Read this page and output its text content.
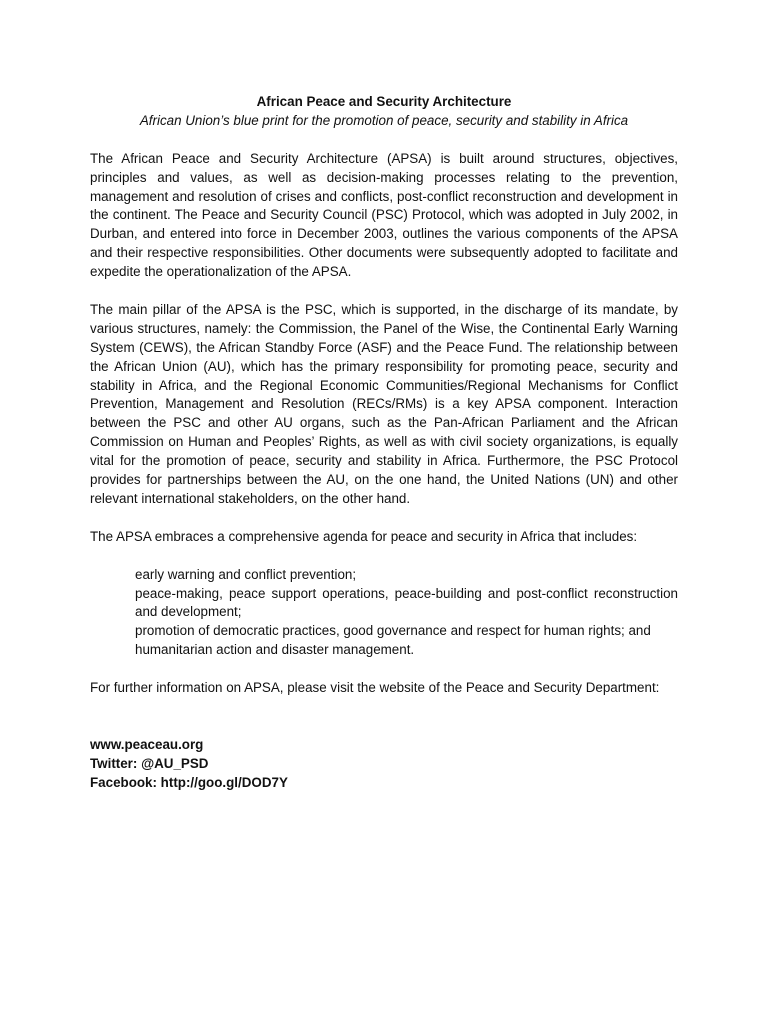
African Peace and Security Architecture

African Union’s blue print for the promotion of peace, security and stability in Africa

The African Peace and Security Architecture (APSA) is built around structures, objectives, principles and values, as well as decision-making processes relating to the prevention, management and resolution of crises and conflicts, post-conflict reconstruction and development in the continent. The Peace and Security Council (PSC) Protocol, which was adopted in July 2002, in Durban, and entered into force in December 2003, outlines the various components of the APSA and their respective responsibilities. Other documents were subsequently adopted to facilitate and expedite the operationalization of the APSA.

The main pillar of the APSA is the PSC, which is supported, in the discharge of its mandate, by various structures, namely: the Commission, the Panel of the Wise, the Continental Early Warning System (CEWS), the African Standby Force (ASF) and the Peace Fund. The relationship between the African Union (AU), which has the primary responsibility for promoting peace, security and stability in Africa, and the Regional Economic Communities/Regional Mechanisms for Conflict Prevention, Management and Resolution (RECs/RMs) is a key APSA component. Interaction between the PSC and other AU organs, such as the Pan-African Parliament and the African Commission on Human and Peoples’ Rights, as well as with civil society organizations, is equally vital for the promotion of peace, security and stability in Africa. Furthermore, the PSC Protocol provides for partnerships between the AU, on the one hand, the United Nations (UN) and other relevant international stakeholders, on the other hand.

The APSA embraces a comprehensive agenda for peace and security in Africa that includes:

early warning and conflict prevention;
peace-making, peace support operations, peace-building and post-conflict reconstruction and development;
promotion of democratic practices, good governance and respect for human rights; and
humanitarian action and disaster management.

For further information on APSA, please visit the website of the Peace and Security Department:

www.peaceau.org
Twitter: @AU_PSD
Facebook: http://goo.gl/DOD7Y
